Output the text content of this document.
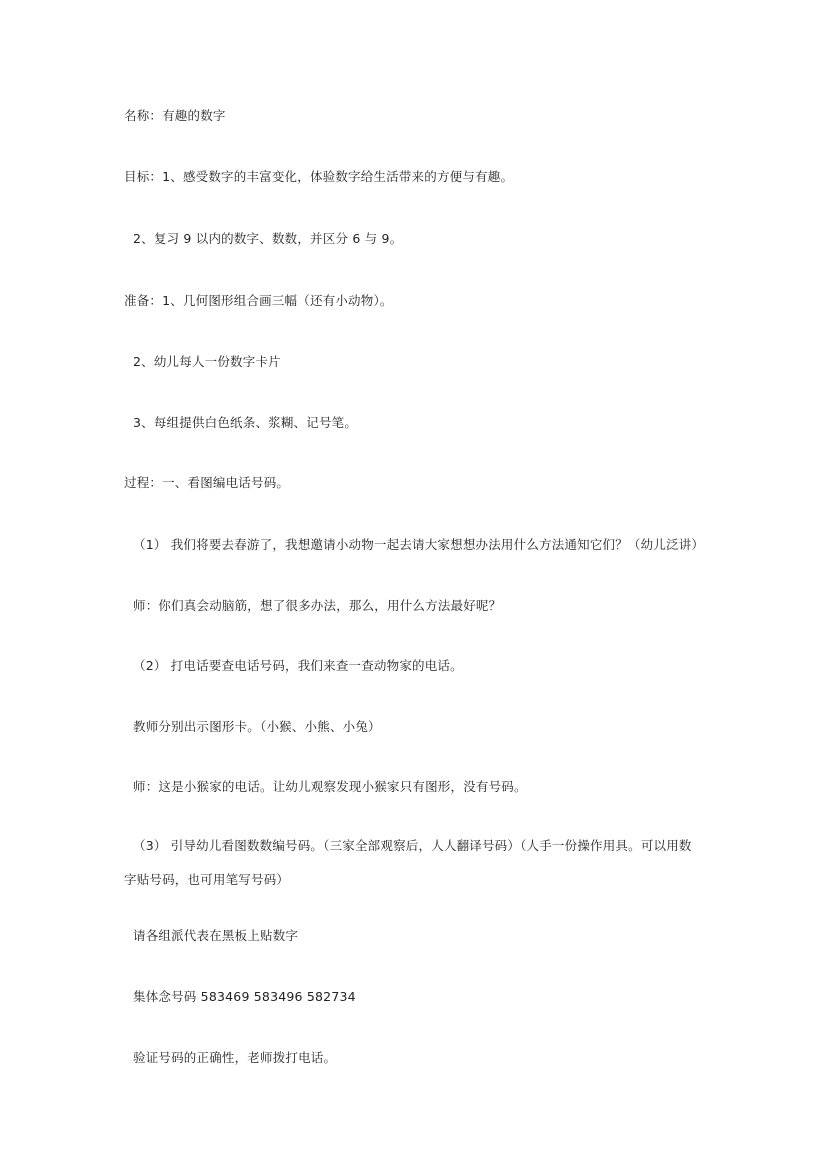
名称：有趣的数字
目标：1、感受数字的丰富变化，体验数字给生活带来的方便与有趣。
2、复习 9 以内的数字、数数，并区分 6 与 9。
准备：1、几何图形组合画三幅（还有小动物）。
2、幼儿每人一份数字卡片
3、每组提供白色纸条、浆糊、记号笔。
过程：一、看图编电话号码。
（1） 我们将要去春游了，我想邀请小动物一起去请大家想想办法用什么方法通知它们？（幼儿泛讲）
师：你们真会动脑筋，想了很多办法，那么，用什么方法最好呢？
（2） 打电话要查电话号码，我们来查一查动物家的电话。
教师分别出示图形卡。（小猴、小熊、小兔）
师：这是小猴家的电话。让幼儿观察发现小猴家只有图形，没有号码。
（3） 引导幼儿看图数数编号码。（三家全部观察后，人人翻译号码）（人手一份操作用具。可以用数字贴号码，也可用笔写号码）
请各组派代表在黑板上贴数字
集体念号码 583469 583496 582734
验证号码的正确性，老师拨打电话。
